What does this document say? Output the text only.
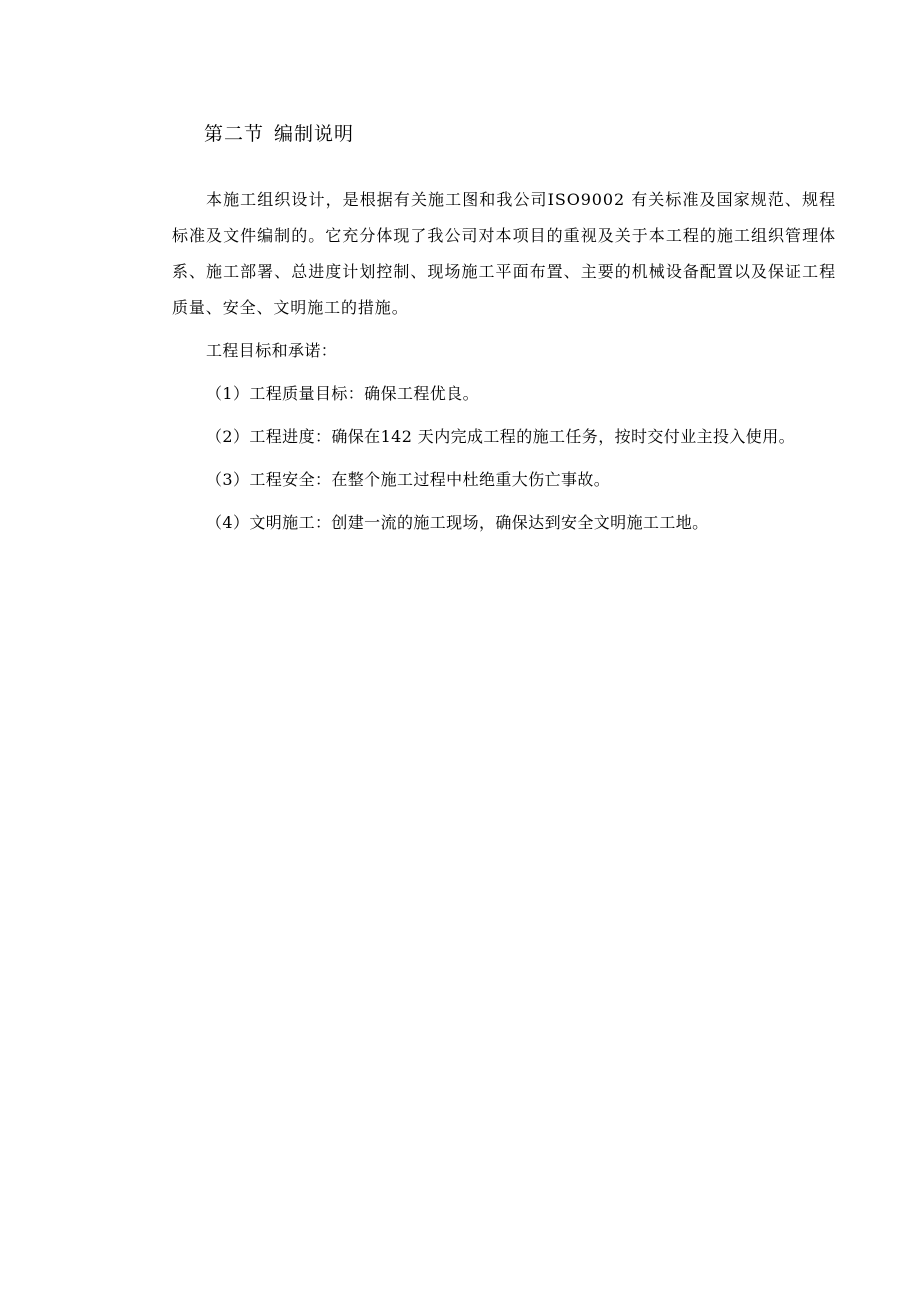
第二节 编制说明

本施工组织设计，是根据有关施工图和我公司ISO9002 有关标准及国家规范、规程标准及文件编制的。它充分体现了我公司对本项目的重视及关于本工程的施工组织管理体系、施工部署、总进度计划控制、现场施工平面布置、主要的机械设备配置以及保证工程质量、安全、文明施工的措施。

工程目标和承诺：

（1）工程质量目标：确保工程优良。

（2）工程进度：确保在142 天内完成工程的施工任务，按时交付业主投入使用。

（3）工程安全：在整个施工过程中杜绝重大伤亡事故。

（4）文明施工：创建一流的施工现场，确保达到安全文明施工工地。
